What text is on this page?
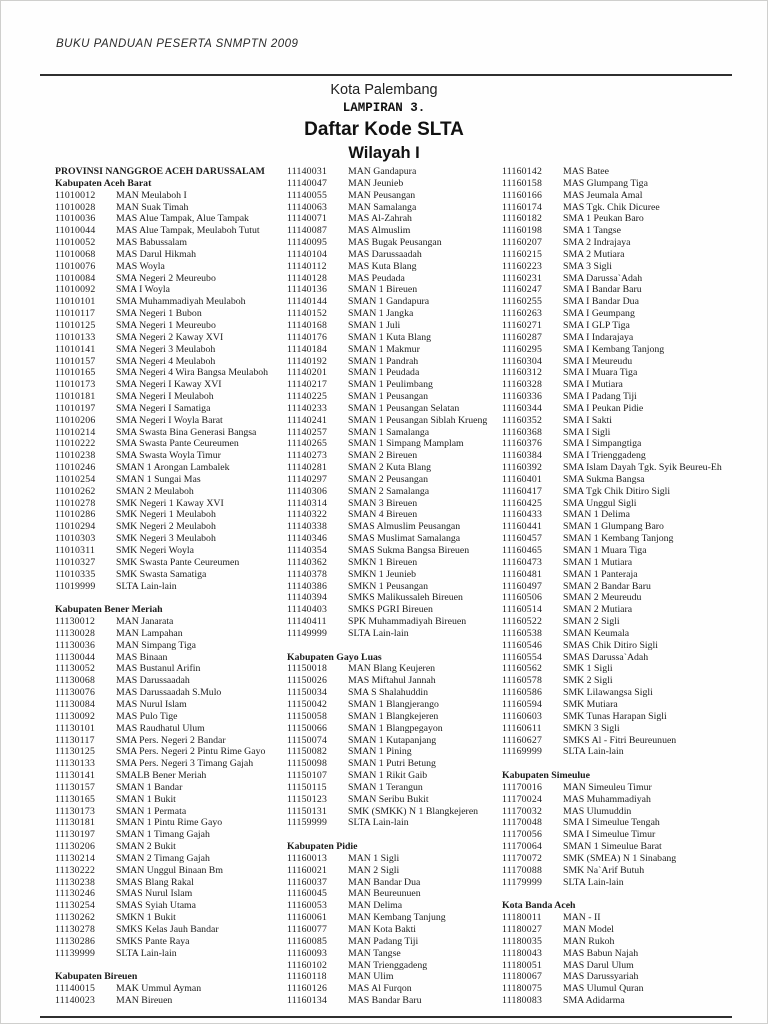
BUKU PANDUAN PESERTA SNMPTN 2009
Kota Palembang
LAMPIRAN 3.
Daftar Kode SLTA
Wilayah I
PROVINSI NANGGROE ACEH DARUSSALAM
Kabupaten Aceh Barat
11010012 MAN Meulaboh I
11010028 MAN Suak Timah
11010036 MAS Alue Tampak, Alue Tampak
11010044 MAS Alue Tampak, Meulaboh Tutut
11010052 MAS Babussalam
11010068 MAS Darul Hikmah
11010076 MAS Woyla
11010084 SMA Negeri 2 Meureubo
11010092 SMA I Woyla
11010101 SMA Muhammadiyah Meulaboh
11010117 SMA Negeri 1 Bubon
11010125 SMA Negeri 1 Meureubo
11010133 SMA Negeri 2 Kaway XVI
11010141 SMA Negeri 3 Meulaboh
11010157 SMA Negeri 4 Meulaboh
11010165 SMA Negeri 4 Wira Bangsa Meulaboh
11010173 SMA Negeri I Kaway XVI
11010181 SMA Negeri I Meulaboh
11010197 SMA Negeri I Samatiga
11010206 SMA Negeri I Woyla Barat
11010214 SMA Swasta Bina Generasi Bangsa
11010222 SMA Swasta Pante Ceureumen
11010238 SMA Swasta Woyla Timur
11010246 SMAN 1 Arongan Lambalek
11010254 SMAN 1 Sungai Mas
11010262 SMAN 2 Meulaboh
11010278 SMK Negeri 1 Kaway XVI
11010286 SMK Negeri 1 Meulaboh
11010294 SMK Negeri 2 Meulaboh
11010303 SMK Negeri 3 Meulaboh
11010311 SMK Negeri Woyla
11010327 SMK Swasta Pante Ceureumen
11010335 SMK Swasta Samatiga
11019999 SLTA Lain-lain

Kabupaten Bener Meriah
11130012 MAN Janarata
11130028 MAN Lampahan
11130036 MAN Simpang Tiga
11130044 MAS Binaan
11130052 MAS Bustanul Arifin
11130068 MAS Darussaadah
11130076 MAS Darussaadah S.Mulo
11130084 MAS Nurul Islam
11130092 MAS Pulo Tige
11130101 MAS Raudhatul Ulum
11130117 SMA Pers. Negeri 2 Bandar
11130125 SMA Pers. Negeri 2 Pintu Rime Gayo
11130133 SMA Pers. Negeri 3 Timang Gajah
11130141 SMALB Bener Meriah
11130157 SMAN 1 Bandar
11130165 SMAN 1 Bukit
11130173 SMAN 1 Permata
11130181 SMAN 1 Pintu Rime Gayo
11130197 SMAN 1 Timang Gajah
11130206 SMAN 2 Bukit
11130214 SMAN 2 Timang Gajah
11130222 SMAN Unggul Binaan Bm
11130238 SMAS Blang Rakal
11130246 SMAS Nurul Islam
11130254 SMAS Syiah Utama
11130262 SMKN 1 Bukit
11130278 SMKS Kelas Jauh Bandar
11130286 SMKS Pante Raya
11139999 SLTA Lain-lain

Kabupaten Bireuen
11140015 MAK Ummul Ayman
11140023 MAN Bireuen
11140031 MAN Gandapura
11140047 MAN Jeunieb
11140055 MAN Peusangan
11140063 MAN Samalanga
11140071 MAS Al-Zahrah
11140087 MAS Almuslim
11140095 MAS Bugak Peusangan
11140104 MAS Darussaadah
11140112 MAS Kuta Blang
11140128 MAS Peudada
11140136 SMAN 1 Bireuen
11140144 SMAN 1 Gandapura
11140152 SMAN 1 Jangka
11140168 SMAN 1 Juli
11140176 SMAN 1 Kuta Blang
11140184 SMAN 1 Makmur
11140192 SMAN 1 Pandrah
11140201 SMAN 1 Peudada
11140217 SMAN 1 Peulimbang
11140225 SMAN 1 Peusangan
11140233 SMAN 1 Peusangan Selatan
11140241 SMAN 1 Peusangan Siblah Krueng
11140257 SMAN 1 Samalanga
11140265 SMAN 1 Simpang Mamplam
11140273 SMAN 2 Bireuen
11140281 SMAN 2 Kuta Blang
11140297 SMAN 2 Peusangan
11140306 SMAN 2 Samalanga
11140314 SMAN 3 Bireuen
11140322 SMAN 4 Bireuen
11140338 SMAS Almuslim Peusangan
11140346 SMAS Muslimat Samalanga
11140354 SMAS Sukma Bangsa Bireuen
11140362 SMKN 1 Bireuen
11140378 SMKN 1 Jeunieb
11140386 SMKN 1 Peusangan
11140394 SMKS Malikussaleh Bireuen
11140403 SMKS PGRI Bireuen
11140411 SPK Muhammadiyah Bireuen
11149999 SLTA Lain-lain

Kabupaten Gayo Luas
11150018 MAN Blang Keujeren
11150026 MAS Miftahul Jannah
11150034 SMA S Shalahuddin
11150042 SMAN 1 Blangjerango
11150058 SMAN 1 Blangkejeren
11150066 SMAN 1 Blangpegayon
11150074 SMAN 1 Kutapanjang
11150082 SMAN 1 Pining
11150098 SMAN 1 Putri Betung
11150107 SMAN 1 Rikit Gaib
11150115 SMAN 1 Terangun
11150123 SMAN Seribu Bukit
11150131 SMK (SMKK) N 1 Blangkejeren
11159999 SLTA Lain-lain

Kabupaten Pidie
11160013 MAN 1 Sigli
11160021 MAN 2 Sigli
11160037 MAN Bandar Dua
11160045 MAN Beureunuen
11160053 MAN Delima
11160061 MAN Kembang Tanjung
11160077 MAN Kota Bakti
11160085 MAN Padang Tiji
11160093 MAN Tangse
11160102 MAN Trienggadeng
11160118 MAN Ulim
11160126 MAS Al Furqon
11160134 MAS Bandar Baru
11160142 MAS Batee
11160158 MAS Glumpang Tiga
11160166 MAS Jeumala Amal
11160174 MAS Tgk. Chik Dicuree
11160182 SMA 1 Peukan Baro
11160198 SMA 1 Tangse
11160207 SMA 2 Indrajaya
11160215 SMA 2 Mutiara
11160223 SMA 3 Sigli
11160231 SMA Darussa`Adah
11160247 SMA I Bandar Baru
11160255 SMA I Bandar Dua
11160263 SMA I Geumpang
11160271 SMA I GLP Tiga
11160287 SMA I Indarajaya
11160295 SMA I Kembang Tanjong
11160304 SMA I Meureudu
11160312 SMA I Muara Tiga
11160328 SMA I Mutiara
11160336 SMA I Padang Tiji
11160344 SMA I Peukan Pidie
11160352 SMA I Sakti
11160368 SMA I Sigli
11160376 SMA I Simpangtiga
11160384 SMA I Trienggadeng
11160392 SMA Islam Dayah Tgk. Syik Beureu-Eh
11160401 SMA Sukma Bangsa
11160417 SMA Tgk Chik Ditiro Sigli
11160425 SMA Unggul Sigli
11160433 SMAN 1 Delima
11160441 SMAN 1 Glumpang Baro
11160457 SMAN 1 Kembang Tanjong
11160465 SMAN 1 Muara Tiga
11160473 SMAN 1 Mutiara
11160481 SMAN 1 Panteraja
11160497 SMAN 2 Bandar Baru
11160506 SMAN 2 Meureudu
11160514 SMAN 2 Mutiara
11160522 SMAN 2 Sigli
11160538 SMAN Keumala
11160546 SMAS Chik Ditiro Sigli
11160554 SMAS Darussa`Adah
11160562 SMK 1 Sigli
11160578 SMK 2 Sigli
11160586 SMK Lilawangsa Sigli
11160594 SMK Mutiara
11160603 SMK Tunas Harapan Sigli
11160611 SMKN 3 Sigli
11160627 SMKS Al - Fitri Beureunuen
11169999 SLTA Lain-lain

Kabupaten Simeulue
11170016 MAN Simeuleu Timur
11170024 MAS Muhammadiyah
11170032 MAS Ulumuddin
11170048 SMA I Simeulue Tengah
11170056 SMA I Simeulue Timur
11170064 SMAN 1 Simeulue Barat
11170072 SMK (SMEA) N 1 Sinabang
11170088 SMK Na`Arif Butuh
11179999 SLTA Lain-lain

Kota Banda Aceh
11180011 MAN - II
11180027 MAN Model
11180035 MAN Rukoh
11180043 MAS Babun Najah
11180051 MAS Darul Ulum
11180067 MAS Darussyariah
11180075 MAS Ulumul Quran
11180083 SMA Adidarma
